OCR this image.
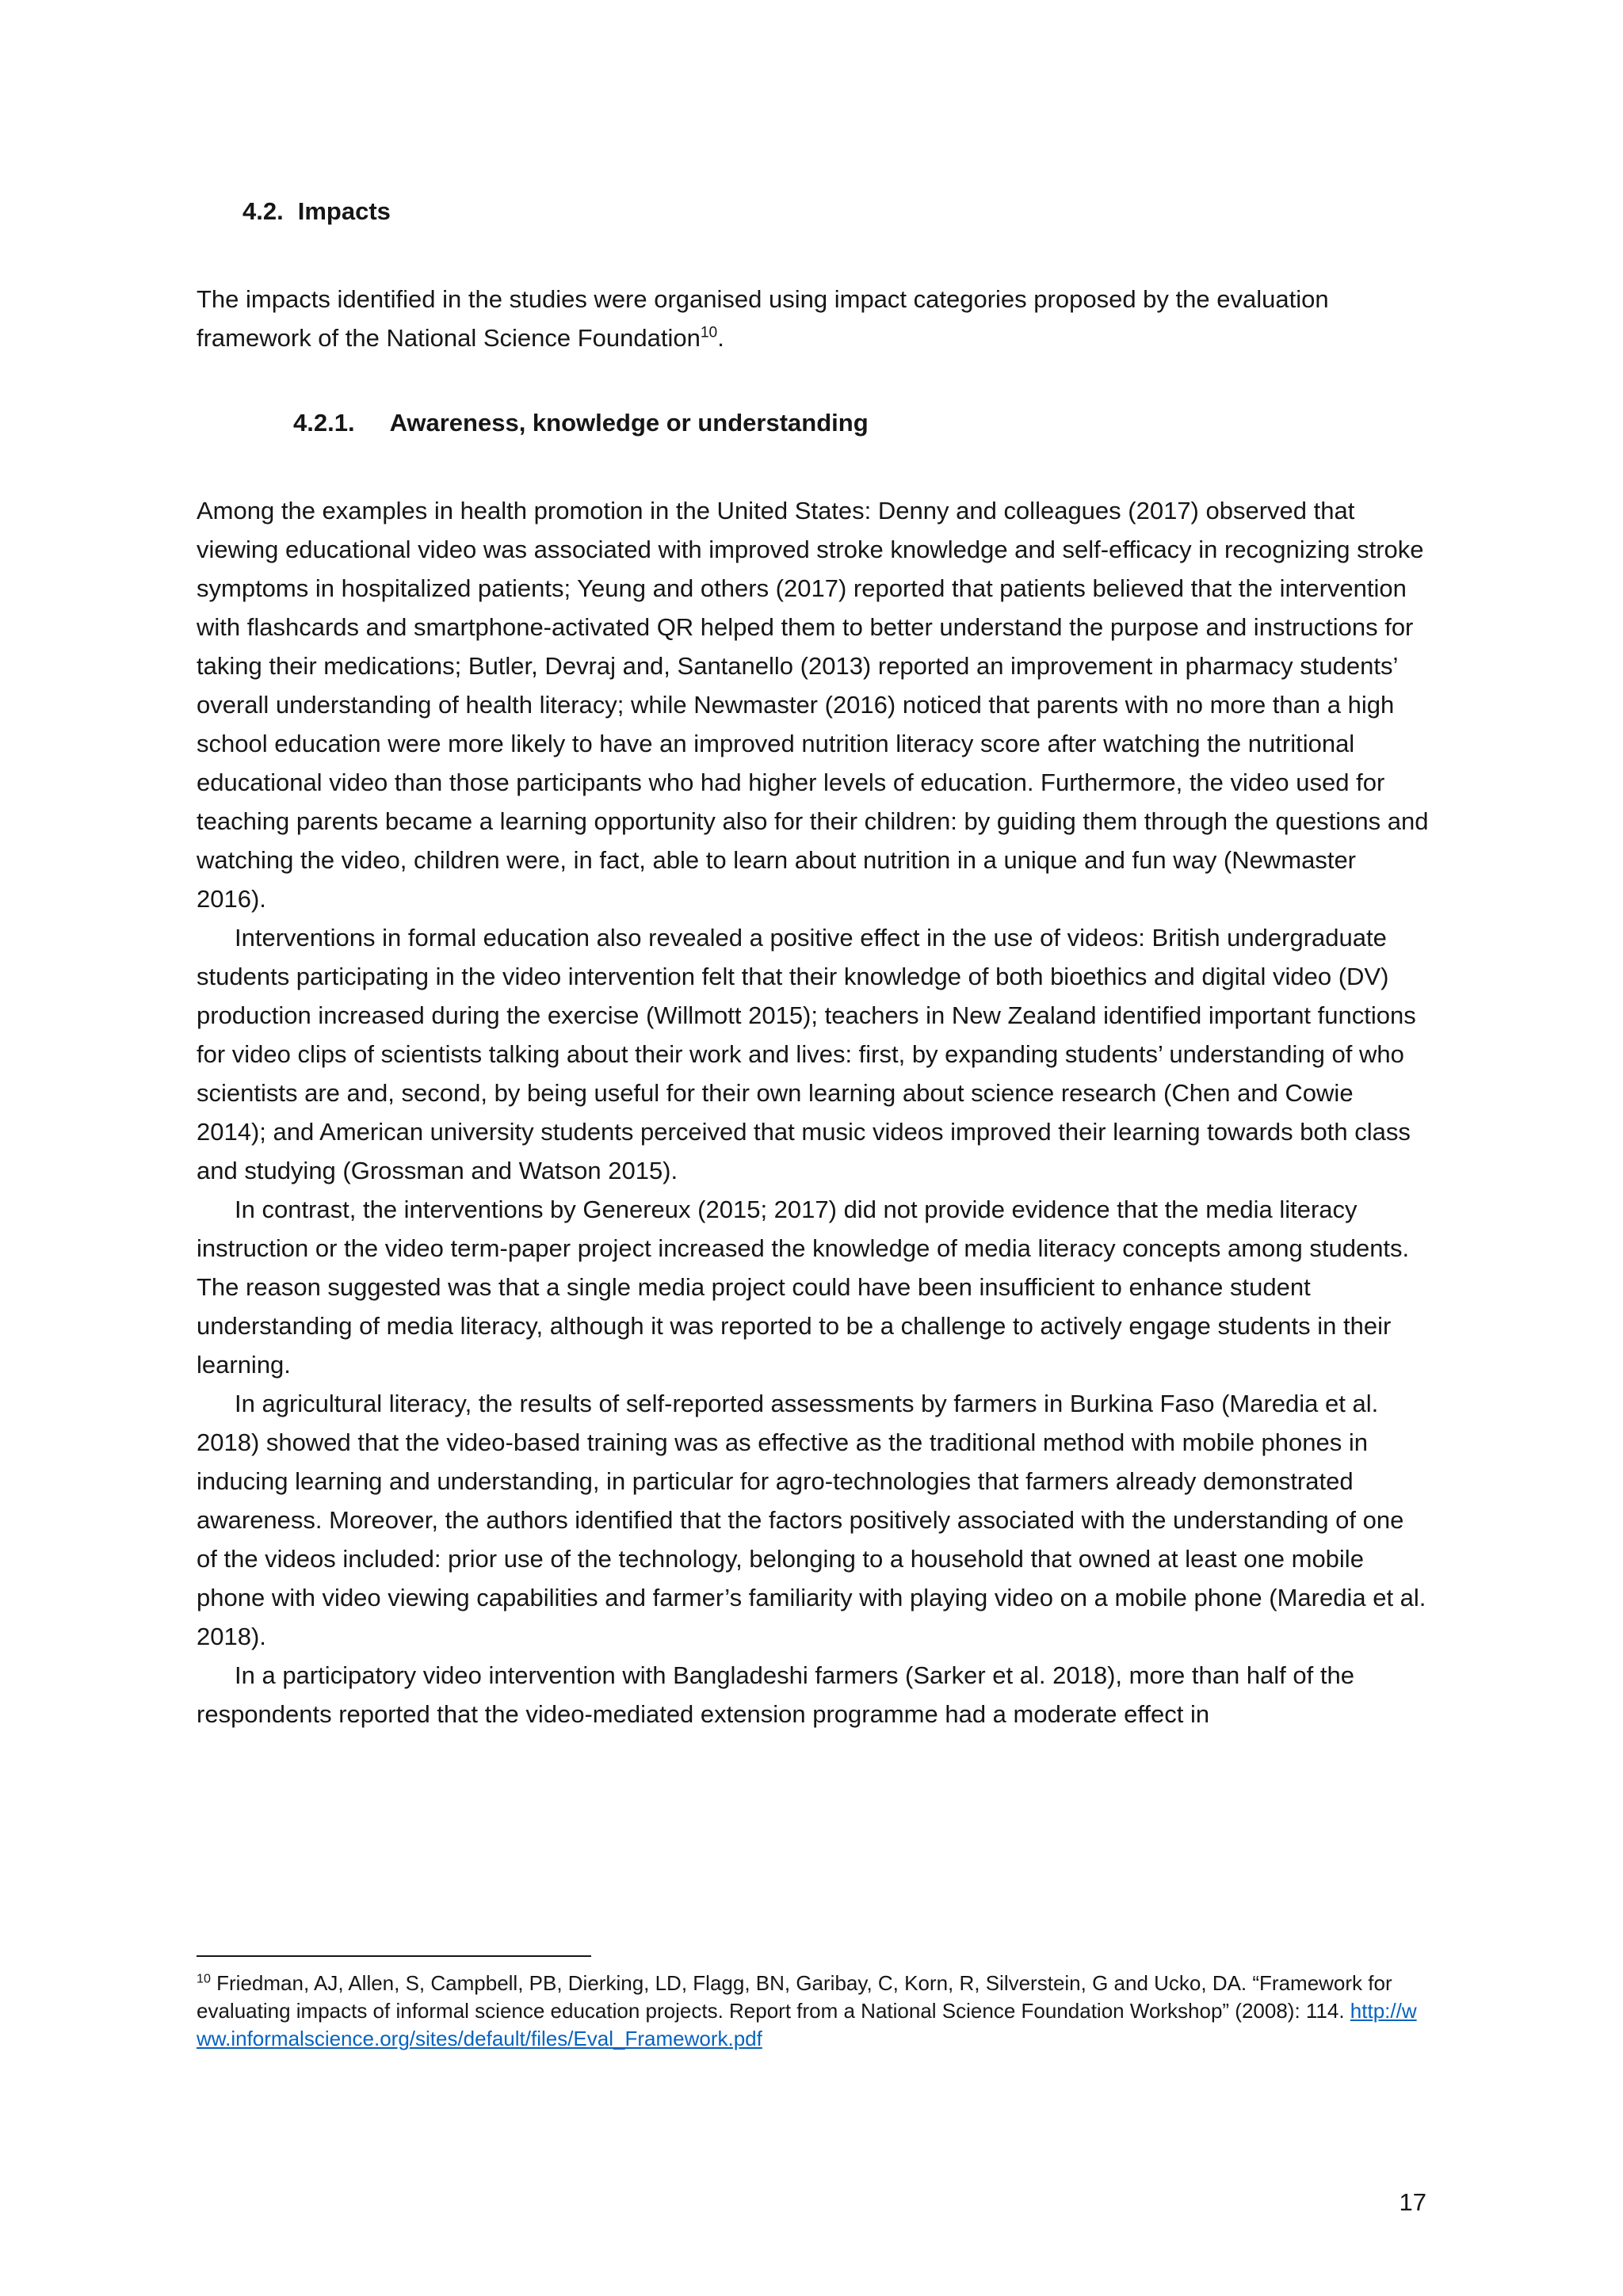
4.2. Impacts

The impacts identified in the studies were organised using impact categories proposed by the evaluation framework of the National Science Foundation$^{10}$.

4.2.1. Awareness, knowledge or understanding

Among the examples in health promotion in the United States: Denny and colleagues (2017) observed that viewing educational video was associated with improved stroke knowledge and self-efficacy in recognizing stroke symptoms in hospitalized patients; Yeung and others (2017) reported that patients believed that the intervention with flashcards and smartphone-activated QR helped them to better understand the purpose and instructions for taking their medications; Butler, Devraj and, Santanello (2013) reported an improvement in pharmacy students’ overall understanding of health literacy; while Newmaster (2016) noticed that parents with no more than a high school education were more likely to have an improved nutrition literacy score after watching the nutritional educational video than those participants who had higher levels of education. Furthermore, the video used for teaching parents became a learning opportunity also for their children: by guiding them through the questions and watching the video, children were, in fact, able to learn about nutrition in a unique and fun way (Newmaster 2016).

Interventions in formal education also revealed a positive effect in the use of videos: British undergraduate students participating in the video intervention felt that their knowledge of both bioethics and digital video (DV) production increased during the exercise (Willmott 2015); teachers in New Zealand identified important functions for video clips of scientists talking about their work and lives: first, by expanding students’ understanding of who scientists are and, second, by being useful for their own learning about science research (Chen and Cowie 2014); and American university students perceived that music videos improved their learning towards both class and studying (Grossman and Watson 2015).

In contrast, the interventions by Genereux (2015; 2017) did not provide evidence that the media literacy instruction or the video term-paper project increased the knowledge of media literacy concepts among students. The reason suggested was that a single media project could have been insufficient to enhance student understanding of media literacy, although it was reported to be a challenge to actively engage students in their learning.

In agricultural literacy, the results of self-reported assessments by farmers in Burkina Faso (Maredia et al. 2018) showed that the video-based training was as effective as the traditional method with mobile phones in inducing learning and understanding, in particular for agro-technologies that farmers already demonstrated awareness. Moreover, the authors identified that the factors positively associated with the understanding of one of the videos included: prior use of the technology, belonging to a household that owned at least one mobile phone with video viewing capabilities and farmer’s familiarity with playing video on a mobile phone (Maredia et al. 2018).

In a participatory video intervention with Bangladeshi farmers (Sarker et al. 2018), more than half of the respondents reported that the video-mediated extension programme had a moderate effect in

$^{10}$ Friedman, AJ, Allen, S, Campbell, PB, Dierking, LD, Flagg, BN, Garibay, C, Korn, R, Silverstein, G and Ucko, DA. “Framework for evaluating impacts of informal science education projects. Report from a National Science Foundation Workshop” (2008): 114. http://www.informalscience.org/sites/default/files/Eval_Framework.pdf

17
